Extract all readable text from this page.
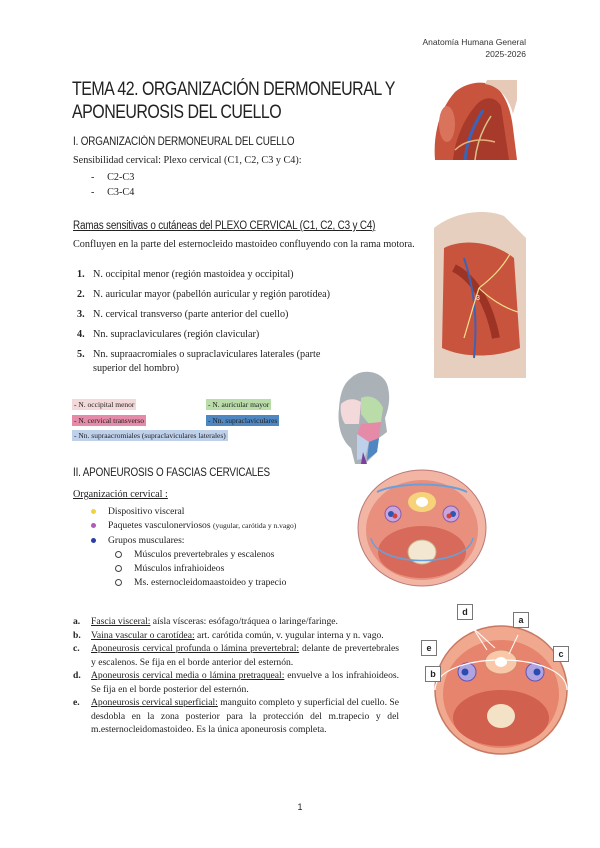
Anatomía Humana General
2025-2026
TEMA 42. ORGANIZACIÓN DERMONEURAL Y APONEUROSIS DEL CUELLO
I. ORGANIZACIÓN DERMONEURAL DEL CUELLO
Sensibilidad cervical: Plexo cervical (C1, C2, C3 y C4):
-     C2-C3
-     C3-C4
3
Ramas sensitivas o cutáneas del PLEXO CERVICAL (C1, C2, C3 y C4)
Confluyen en la parte del esternocleido mastoideo confluyendo con la rama motora.
1. N. occipital menor (región mastoidea y occipital)
2. N. auricular mayor (pabellón auricular y región parotídea)
3. N. cervical transverso (parte anterior del cuello)
4. Nn. supraclaviculares (región clavicular)
5. Nn. supraacromiales o supraclaviculares laterales (parte superior del hombro)
- N. occipital menor	- N. auricular mayor
- N. cervical transverso	- Nn. supraclaviculares
- Nn. supraacromiales (supraclaviculares laterales)
II. APONEUROSIS O FASCIAS CERVICALES
Organización cervical :
Dispositivo visceral
Paquetes vasculonerviosos (yugular, carótida y n.vago)
Grupos musculares:
Músculos prevertebrales y escalenos
Músculos infrahioideos
Ms. esternocleidomaastoideo y trapecio
a. Fascia visceral: aísla vísceras: esófago/tráquea o laringe/faringe.
b. Vaina vascular o carotídea: art. carótida común, v. yugular interna y n. vago.
c. Aponeurosis cervical profunda o lámina prevertebral: delante de prevertebrales y escalenos. Se fija en el borde anterior del esternón.
d. Aponeurosis cervical media o lámina pretraqueal: envuelve a los infrahioideos. Se fija en el borde posterior del esternón.
e. Aponeurosis cervical superficial: manguito completo y superficial del cuello. Se desdobla en la zona posterior para la protección del m.trapecio y del m.esternocleidomastoideo. Es la única aponeurosis completa.
d
a
e
c
b
1
